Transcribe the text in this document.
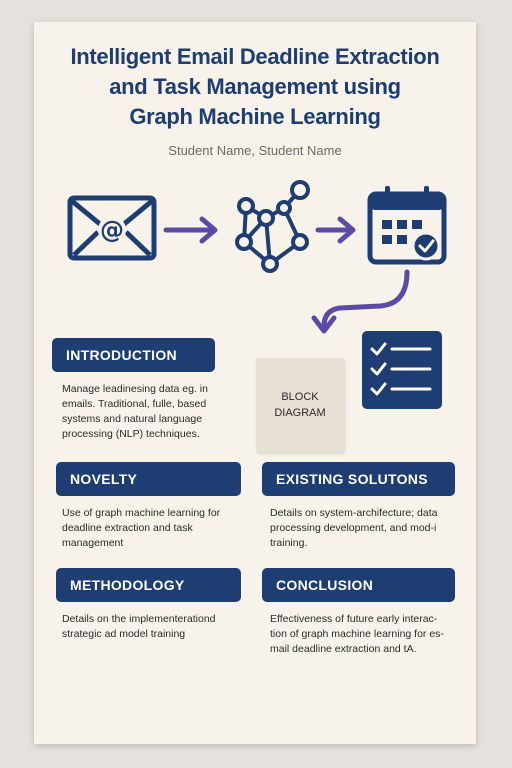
Intelligent Email Deadline Extraction
and Task Management using
Graph Machine Learning
Student Name, Student Name
@
BLOCK
DIAGRAM
INTRODUCTION
Manage leadinesing data eg. in emails. Traditional, fulle, based systems and natural language processing (NLP) techniques.
NOVELTY
Use of graph machine learning for deadline extraction and task management
EXISTING SOLUTONS
Details on system-archifecture; data processing development, and mod-i training.
METHODOLOGY
Details on the implementerationd strategic ad model training
CONCLUSION
Effectiveness of future early interac-tion of graph machine learning for es-mail deadline extraction and tA.
